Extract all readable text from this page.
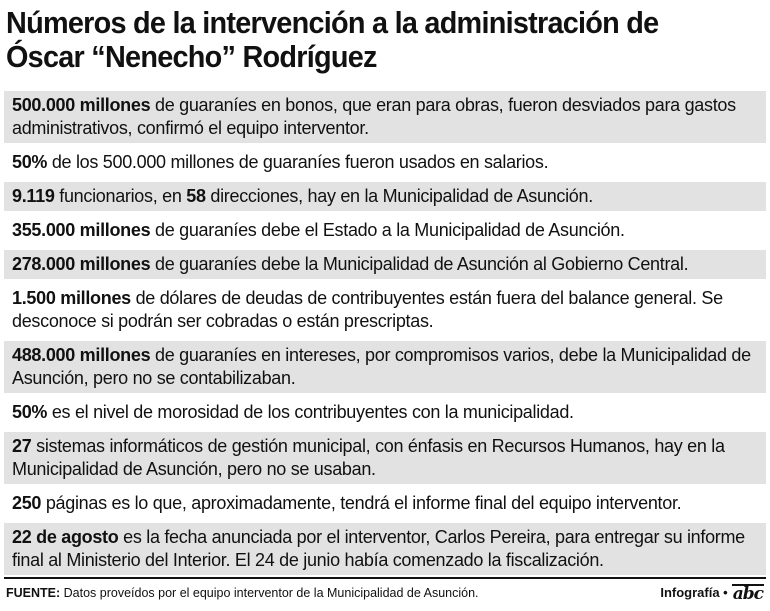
Números de la intervención a la administración de Óscar “Nenecho” Rodríguez
500.000 millones de guaraníes en bonos, que eran para obras, fueron desviados para gastos administrativos, confirmó el equipo interventor.
50% de los 500.000 millones de guaraníes fueron usados en salarios.
9.119 funcionarios, en 58 direcciones, hay en la Municipalidad de Asunción.
355.000 millones de guaraníes debe el Estado a la Municipalidad de Asunción.
278.000 millones de guaraníes debe la Municipalidad de Asunción al Gobierno Central.
1.500 millones de dólares de deudas de contribuyentes están fuera del balance general. Se desconoce si podrán ser cobradas o están prescriptas.
488.000 millones de guaraníes en intereses, por compromisos varios, debe la Municipalidad de Asunción, pero no se contabilizaban.
50% es el nivel de morosidad de los contribuyentes con la municipalidad.
27 sistemas informáticos de gestión municipal, con énfasis en Recursos Humanos, hay en la Municipalidad de Asunción, pero no se usaban.
250 páginas es lo que, aproximadamente, tendrá el informe final del equipo interventor.
22 de agosto es la fecha anunciada por el interventor, Carlos Pereira, para entregar su informe final al Ministerio del Interior. El 24 de junio había comenzado la fiscalización.
FUENTE: Datos proveídos por el equipo interventor de la Municipalidad de Asunción.	Infografía • abc
